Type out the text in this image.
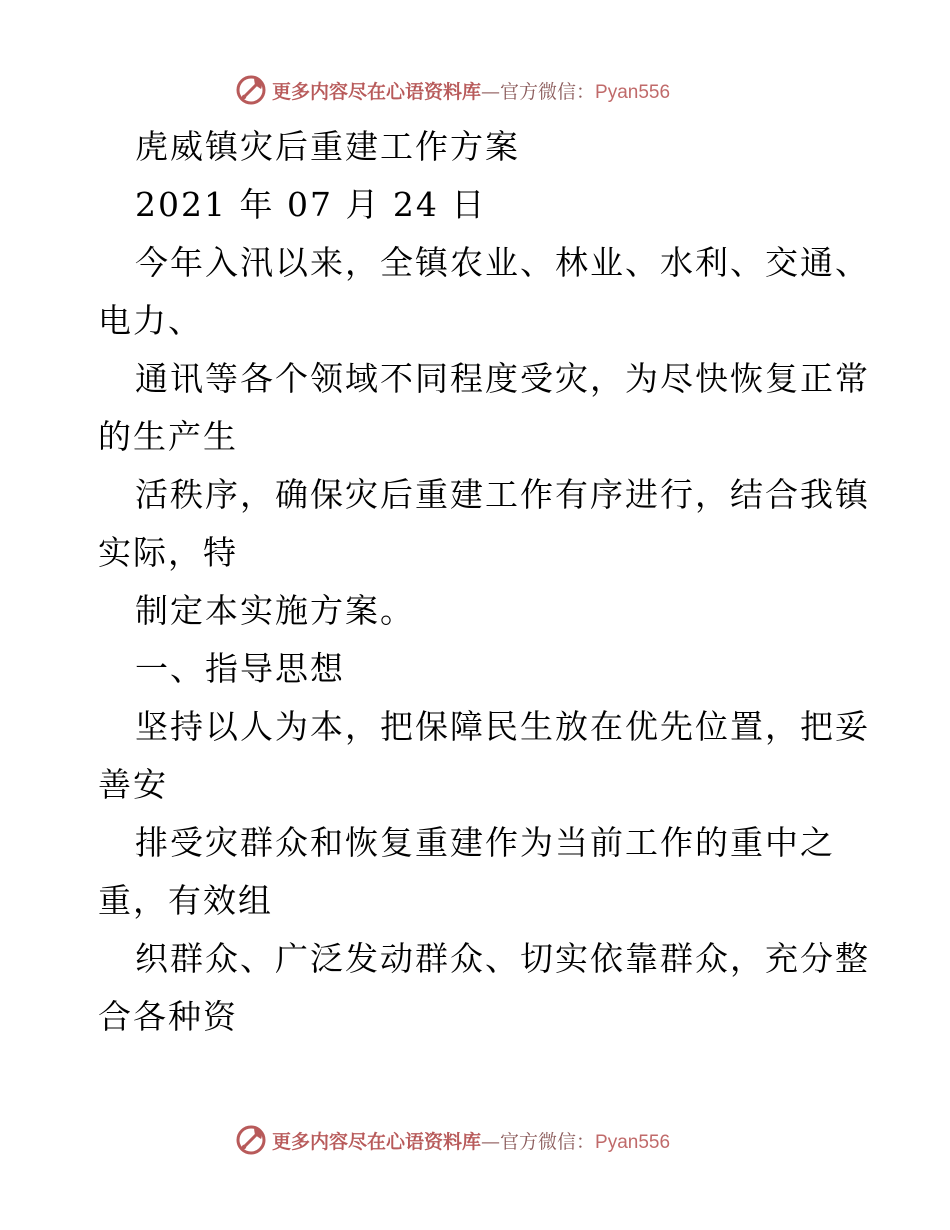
更多内容尽在心语资料库—官方微信：Pyan556
虎威镇灾后重建工作方案
2021 年 07 月 24 日
今年入汛以来，全镇农业、林业、水利、交通、
电力、
通讯等各个领域不同程度受灾，为尽快恢复正常
的生产生
活秩序，确保灾后重建工作有序进行，结合我镇
实际，特
制定本实施方案。
一、指导思想
坚持以人为本，把保障民生放在优先位置，把妥
善安
排受灾群众和恢复重建作为当前工作的重中之
重，有效组
织群众、广泛发动群众、切实依靠群众，充分整
合各种资
更多内容尽在心语资料库—官方微信：Pyan556
